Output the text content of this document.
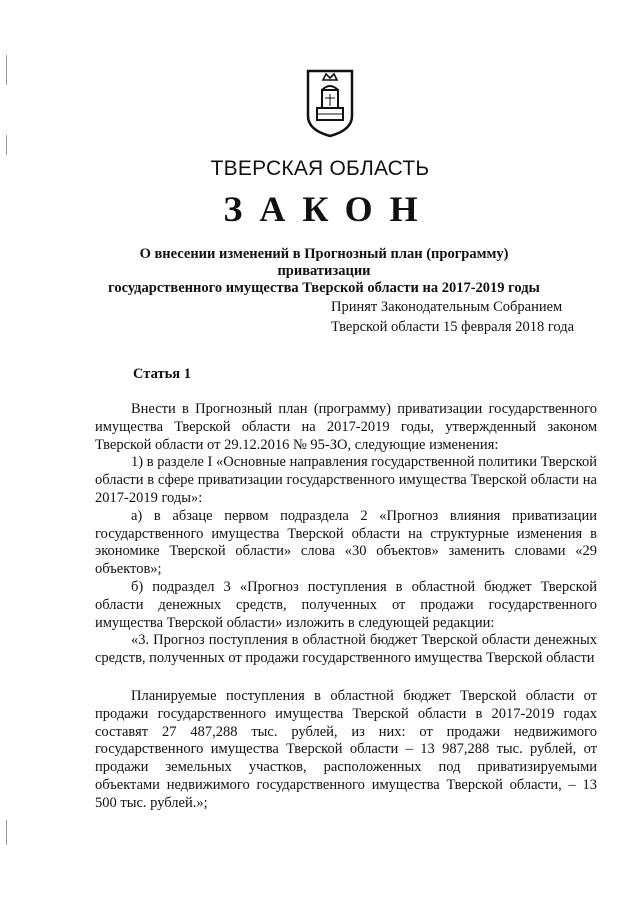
ТВЕРСКАЯ ОБЛАСТЬ
ЗАКОН
О внесении изменений в Прогнозный план (программу) приватизации
государственного имущества Тверской области на 2017-2019 годы
Принят Законодательным Собранием
Тверской области 15 февраля 2018 года
Статья 1

Внести в Прогнозный план (программу) приватизации государственного имущества Тверской области на 2017-2019 годы, утвержденный законом Тверской области от 29.12.2016 № 95-ЗО, следующие изменения:

1) в разделе I «Основные направления государственной политики Тверской области в сфере приватизации государственного имущества Тверской области на 2017-2019 годы»:

а) в абзаце первом подраздела 2 «Прогноз влияния приватизации государственного имущества Тверской области на структурные изменения в экономике Тверской области» слова «30 объектов» заменить словами «29 объектов»;

б) подраздел 3 «Прогноз поступления в областной бюджет Тверской области денежных средств, полученных от продажи государственного имущества Тверской области» изложить в следующей редакции:

«3. Прогноз поступления в областной бюджет Тверской области денежных средств, полученных от продажи государственного имущества Тверской области

Планируемые поступления в областной бюджет Тверской области от продажи государственного имущества Тверской области в 2017-2019 годах составят 27 487,288 тыс. рублей, из них: от продажи недвижимого государственного имущества Тверской области – 13 987,288 тыс. рублей, от продажи земельных участков, расположенных под приватизируемыми объектами недвижимого государственного имущества Тверской области, – 13 500 тыс. рублей.»;
